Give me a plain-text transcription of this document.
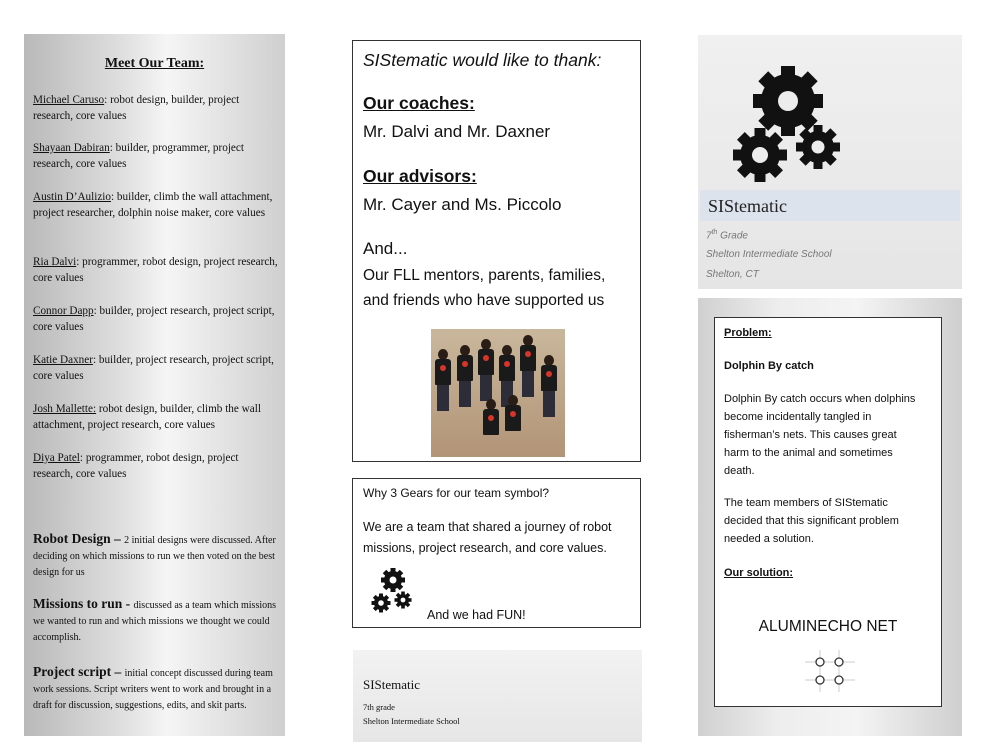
Meet Our Team:
Michael Caruso: robot design, builder, project research, core values
Shayaan Dabiran: builder, programmer, project research, core values
Austin D’Aulizio: builder, climb the wall attachment, project researcher, dolphin noise maker, core values
Ria Dalvi: programmer, robot design, project research, core values
Connor Dapp: builder, project research, project script, core values
Katie Daxner: builder, project research, project script, core values
Josh Mallette: robot design, builder, climb the wall attachment, project research, core values
Diya Patel: programmer, robot design, project research, core values
Robot Design – 2 initial designs were discussed. After deciding on which missions to run we then voted on the best design for us
Missions to run - discussed as a team which missions we wanted to run and which missions we thought we could accomplish.
Project script – initial concept discussed during team work sessions. Script writers went to work and brought in a draft for discussion, suggestions, edits, and skit parts.
SIStematic would like to thank:
Our coaches:
Mr. Dalvi and Mr. Daxner
Our advisors:
Mr. Cayer and Ms. Piccolo
And...
Our FLL mentors, parents, families,
and friends who have supported us
Why 3 Gears for our team symbol?
We are a team that shared a journey of robot missions, project research, and core values.
And we had FUN!
SIStematic
7th grade
Shelton Intermediate School
SIStematic
7th Grade
Shelton Intermediate School
Shelton, CT
Problem:
Dolphin By catch
Dolphin By catch occurs when dolphins
become incidentally tangled in
fisherman’s nets. This causes great
harm to the animal and sometimes
death.
The team members of SIStematic
decided that this significant problem
needed a solution.
Our solution:
ALUMINECHO NET
